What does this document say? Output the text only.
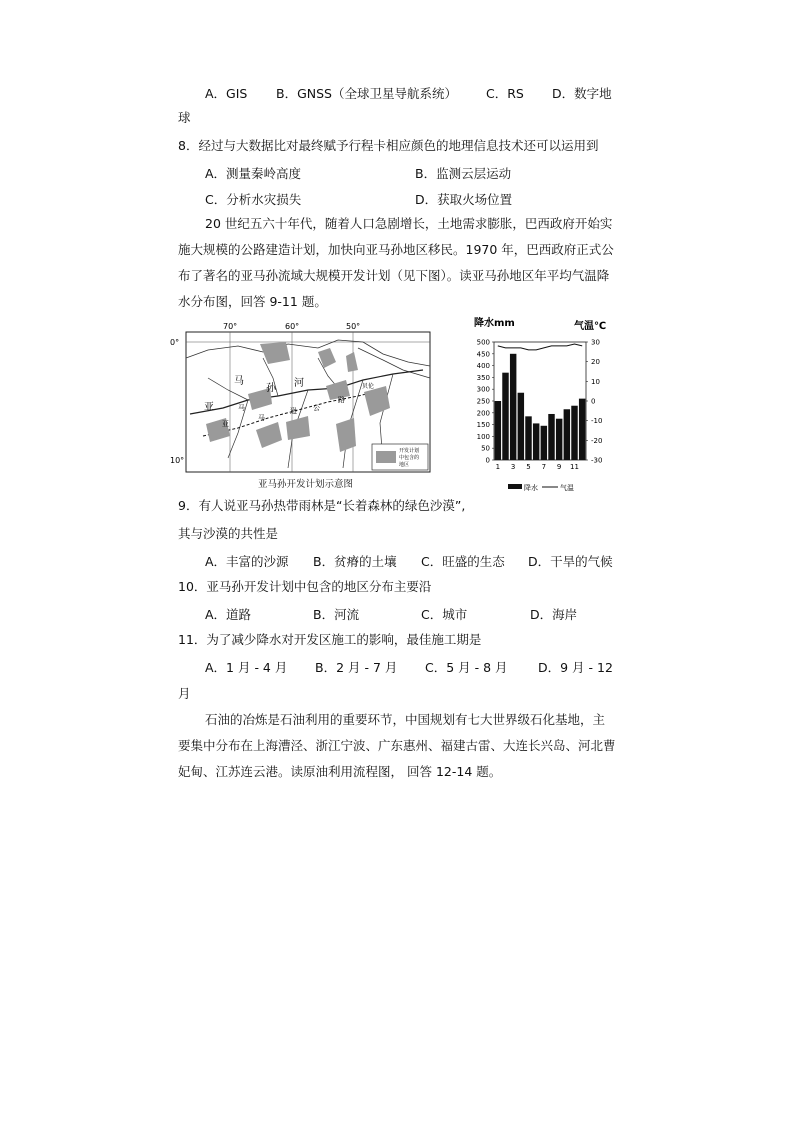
A．GIS B．GNSS（全球卫星导航系统） C．RS D．数字地
球
8．经过与大数据比对最终赋予行程卡相应颜色的地理信息技术还可以运用到
A．测量秦岭高度	B．监测云层运动
C．分析水灾损失	D．获取火场位置
20 世纪五六十年代，随着人口急剧增长，土地需求膨胀，巴西政府开始实
施大规模的公路建造计划，加快向亚马孙地区移民。1970 年，巴西政府正式公
布了著名的亚马孙流域大规模开发计划（见下图）。读亚马孙地区年平均气温降
水分布图，回答 9-11 题。
70°	60°	50°
0°
10°
马
孙
亚	马
亚
河
马
逊 公
路
贝伦
开发计划
中包含的
地区
亚马孙开发计划示意图
降水mm	气温℃
0
50
100
150
200
250
300
350
400
450
500
-30
-20
-10
0
10
20
30
1 3 5 7 9 11
降水	气温
9．有人说亚马孙热带雨林是“长着森林的绿色沙漠”,
其与沙漠的共性是
A．丰富的沙源 B．贫瘠的土壤 C．旺盛的生态 D．干旱的气候
10．亚马孙开发计划中包含的地区分布主要沿
A．道路	B．河流	C．城市	D．海岸
11．为了减少降水对开发区施工的影响，最佳施工期是
A．1 月 - 4 月 B．2 月 - 7 月 C．5 月 - 8 月 D．9 月 - 12
月
石油的冶炼是石油利用的重要环节，中国规划有七大世界级石化基地，主
要集中分布在上海漕泾、浙江宁波、广东惠州、福建古雷、大连长兴岛、河北曹
妃甸、江苏连云港。读原油利用流程图， 回答 12-14 题。
